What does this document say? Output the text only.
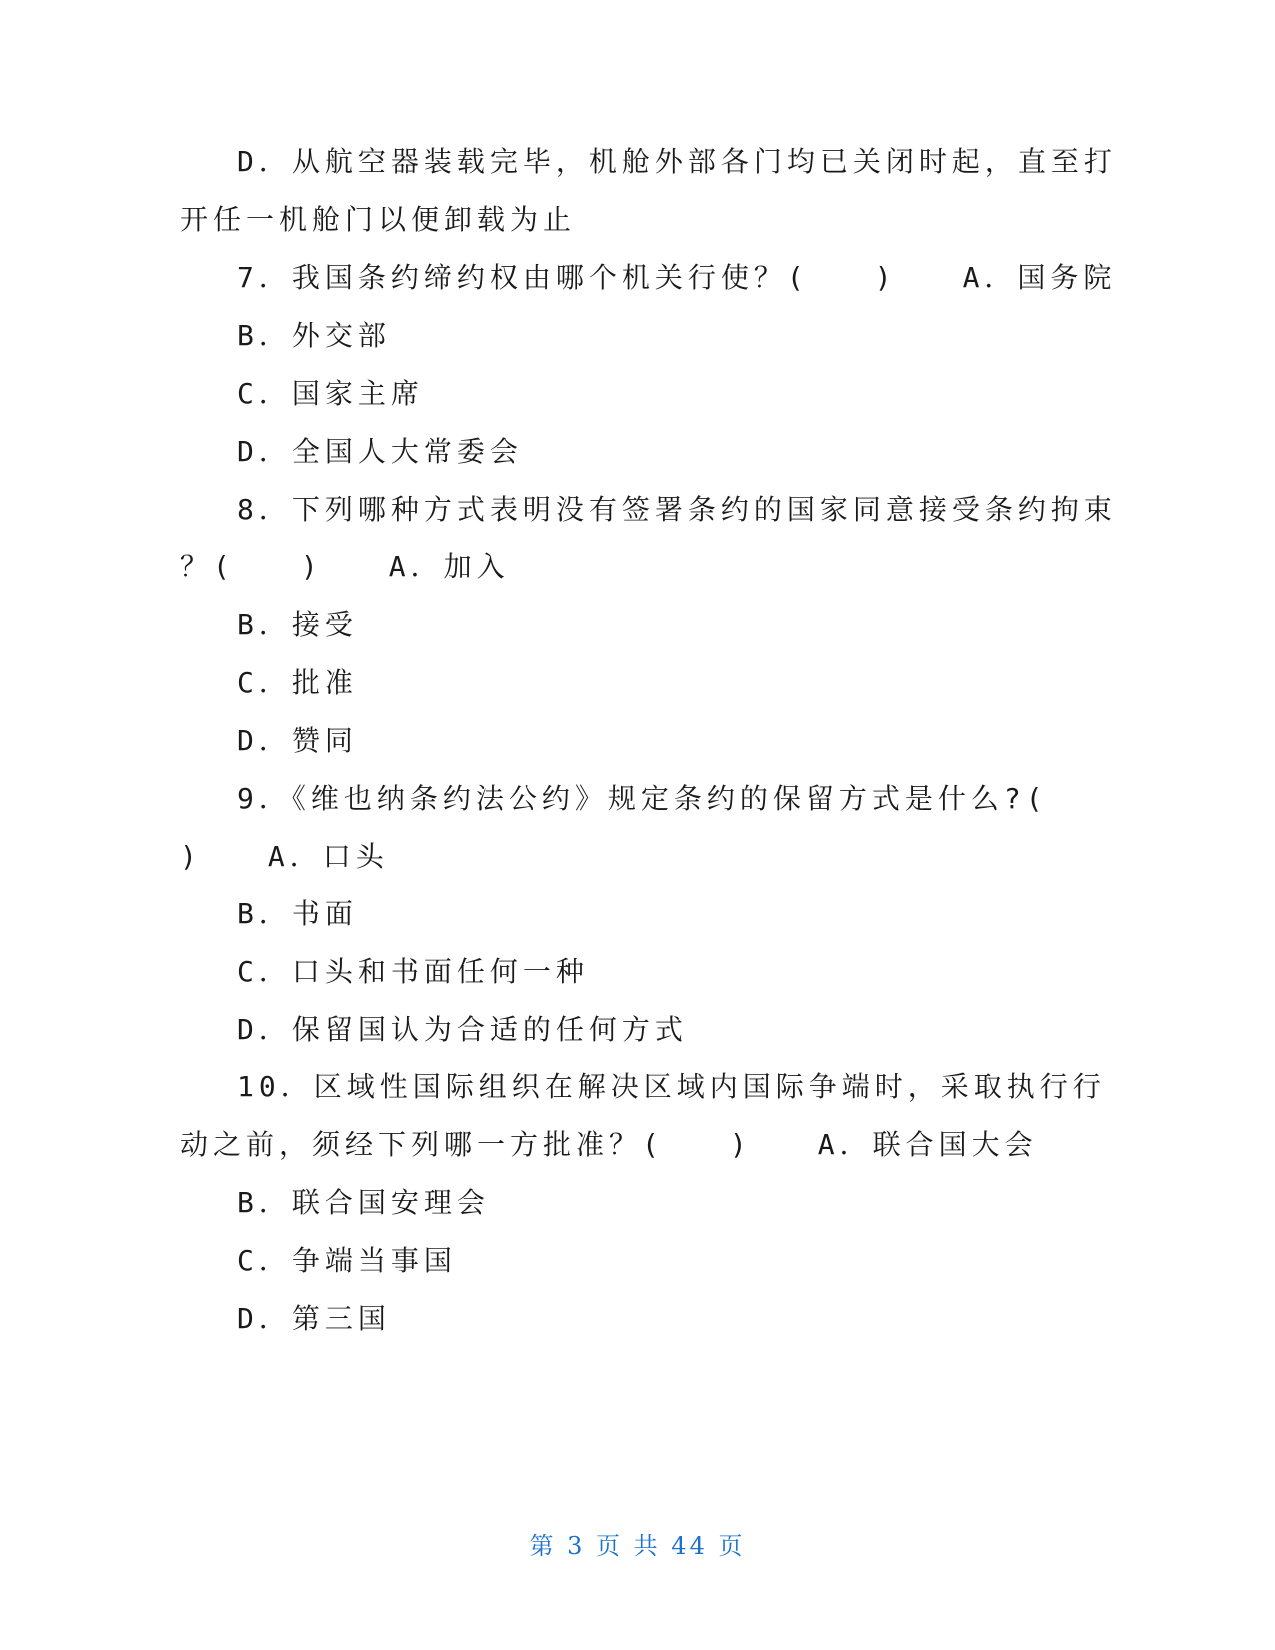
D．从航空器装载完毕，机舱外部各门均已关闭时起，直至打
开任一机舱门以便卸载为止
7．我国条约缔约权由哪个机关行使？(　　)　　A．国务院
B．外交部
C．国家主席
D．全国人大常委会
8．下列哪种方式表明没有签署条约的国家同意接受条约拘束
？(　　)　　A．加入
B．接受
C．批准
D．赞同
9．《维也纳条约法公约》规定条约的保留方式是什么?(
)　　A．口头
B．书面
C．口头和书面任何一种
D．保留国认为合适的任何方式
10．区域性国际组织在解决区域内国际争端时，采取执行行
动之前，须经下列哪一方批准？(　　)　　A．联合国大会
B．联合国安理会
C．争端当事国
D．第三国
第 3 页 共 44 页
